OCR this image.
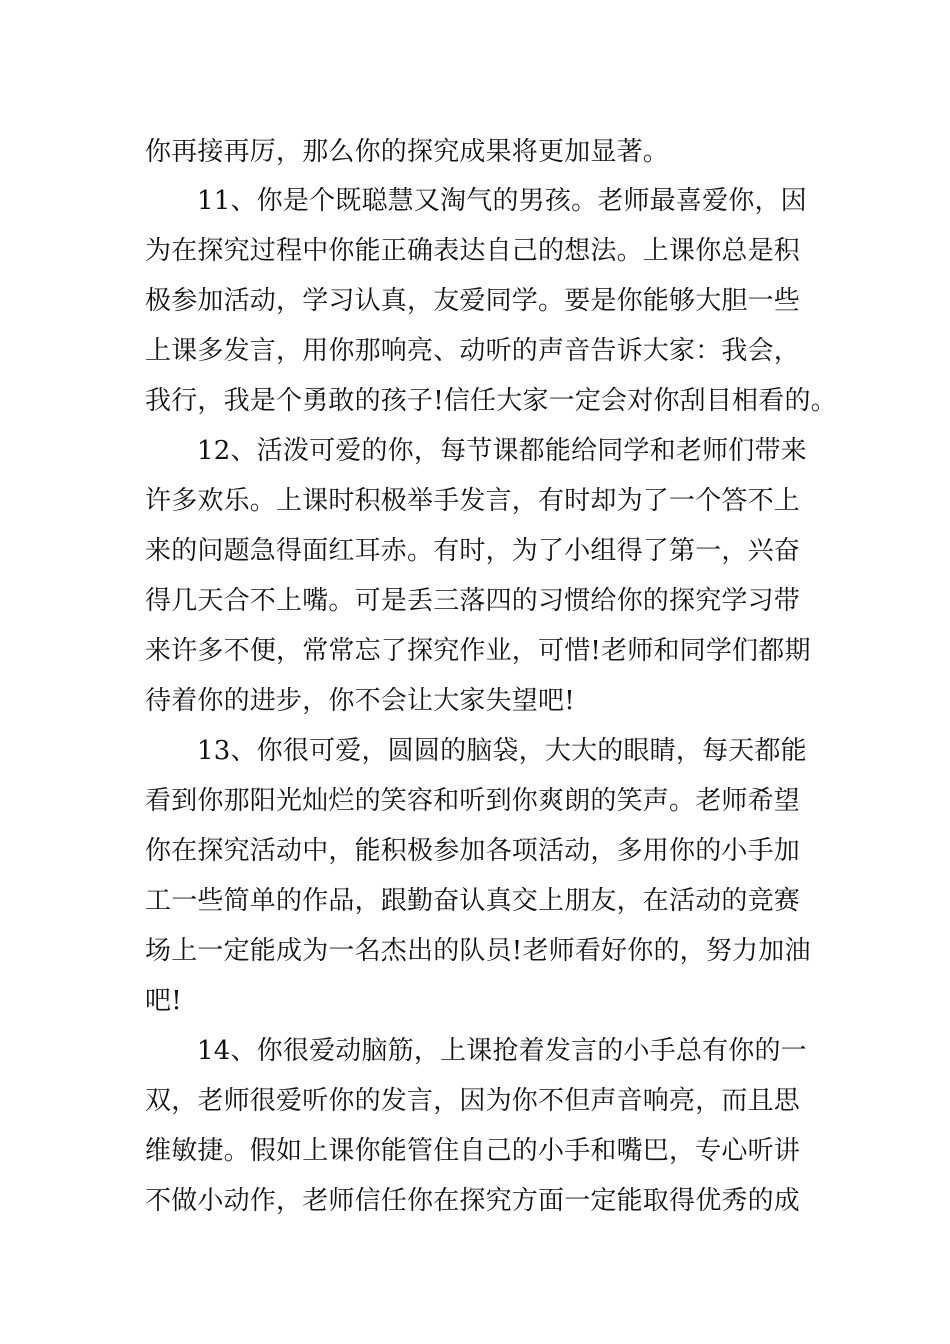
你再接再厉，那么你的探究成果将更加显著。
11、你是个既聪慧又淘气的男孩。老师最喜爱你，因
为在探究过程中你能正确表达自己的想法。上课你总是积
极参加活动，学习认真，友爱同学。要是你能够大胆一些
上课多发言，用你那响亮、动听的声音告诉大家：我会，
我行，我是个勇敢的孩子!信任大家一定会对你刮目相看的。
12、活泼可爱的你，每节课都能给同学和老师们带来
许多欢乐。上课时积极举手发言，有时却为了一个答不上
来的问题急得面红耳赤。有时，为了小组得了第一，兴奋
得几天合不上嘴。可是丢三落四的习惯给你的探究学习带
来许多不便，常常忘了探究作业，可惜!老师和同学们都期
待着你的进步，你不会让大家失望吧!
13、你很可爱，圆圆的脑袋，大大的眼睛，每天都能
看到你那阳光灿烂的笑容和听到你爽朗的笑声。老师希望
你在探究活动中，能积极参加各项活动，多用你的小手加
工一些简单的作品，跟勤奋认真交上朋友，在活动的竞赛
场上一定能成为一名杰出的队员!老师看好你的，努力加油
吧!
14、你很爱动脑筋，上课抢着发言的小手总有你的一
双，老师很爱听你的发言，因为你不但声音响亮，而且思
维敏捷。假如上课你能管住自己的小手和嘴巴，专心听讲
不做小动作，老师信任你在探究方面一定能取得优秀的成
